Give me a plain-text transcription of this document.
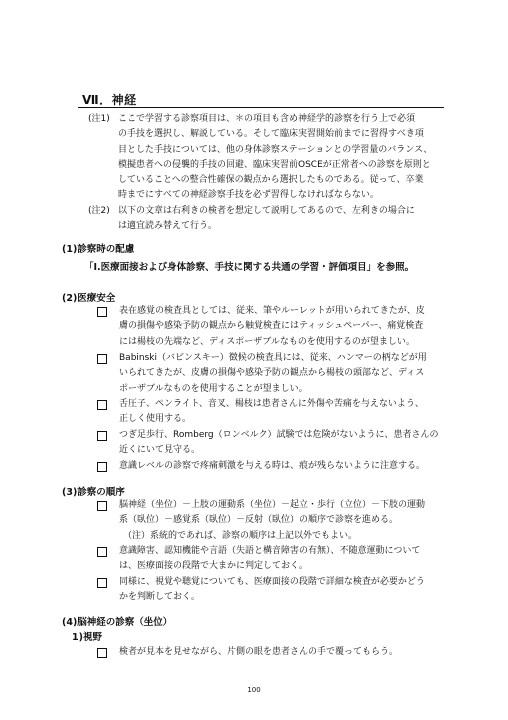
Ⅶ．神経
(注1) ここで学習する診察項目は、＊の項目も含め神経学的診察を行う上で必須
の手技を選択し、解説している。そして臨床実習開始前までに習得すべき項
目とした手技については、他の身体診察ステーションとの学習量のバランス、
模擬患者への侵襲的手技の回避、臨床実習前OSCEが正常者への診察を原則と
していることへの整合性確保の観点から選択したものである。従って、卒業
時までにすべての神経診察手技を必ず習得しなければならない。
(注2) 以下の文章は右利きの検者を想定して説明してあるので、左利きの場合に
は適宜読み替えて行う。
(1)診察時の配慮
「Ⅰ.医療面接および身体診察、手技に関する共通の学習・評価項目」を参照。
(2)医療安全
表在感覚の検査具としては、従来、筆やルーレットが用いられてきたが、皮
膚の損傷や感染予防の観点から触覚検査にはティッシュペーパー、痛覚検査
には楊枝の先端など、ディスポーザブルなものを使用するのが望ましい。
Babinski（バビンスキー）徴候の検査具には、従来、ハンマーの柄などが用
いられてきたが、皮膚の損傷や感染予防の観点から楊枝の頭部など、ディス
ポーザブルなものを使用することが望ましい。
舌圧子、ペンライト、音叉、楊枝は患者さんに外傷や苦痛を与えないよう、
正しく使用する。
つぎ足歩行、Romberg（ロンベルク）試験では危険がないように、患者さんの
近くにいて見守る。
意識レベルの診察で疼痛刺激を与える時は、痕が残らないように注意する。
(3)診察の順序
脳神経（坐位）－上肢の運動系（坐位）－起立・歩行（立位）－下肢の運動
系（臥位）－感覚系（臥位）－反射（臥位）の順序で診察を進める。
（注）系統的であれば、診察の順序は上記以外でもよい。
意識障害、認知機能や言語（失語と構音障害の有無）、不随意運動について
は、医療面接の段階で大まかに判定しておく。
同様に、視覚や聴覚についても、医療面接の段階で詳細な検査が必要かどう
かを判断しておく。
(4)脳神経の診察（坐位）
1)視野
検者が見本を見せながら、片側の眼を患者さんの手で覆ってもらう。
100
